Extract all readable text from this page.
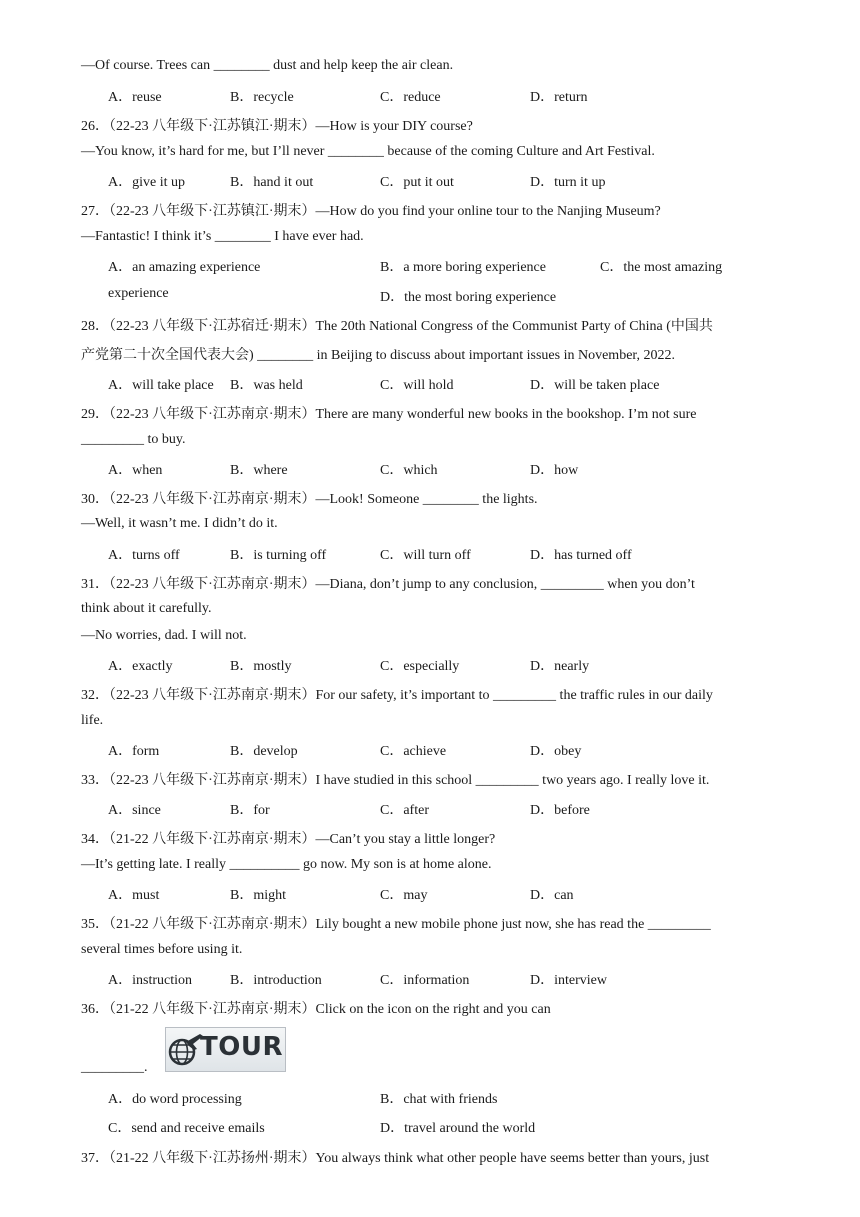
—Of course. Trees can ________ dust and help keep the air clean.
A．reuse	B．recycle	C．reduce	D．return
26．（22-23 八年级下·江苏镇江·期末）—How is your DIY course?
—You know, it’s hard for me, but I’ll never ________ because of the coming Culture and Art Festival.
A．give it up	B．hand it out	C．put it out	D．turn it up
27．（22-23 八年级下·江苏镇江·期末）—How do you find your online tour to the Nanjing Museum?
—Fantastic! I think it’s ________ I have ever had.
A．an amazing experience	B．a more boring experience	C．the most amazing
experience	D．the most boring experience
28．（22-23 八年级下·江苏宿迁·期末）The 20th National Congress of the Communist Party of China (中国共
产党第二十次全国代表大会) ________ in Beijing to discuss about important issues in November, 2022.
A．will take place B．was held	C．will hold	D．will be taken place
29．（22-23 八年级下·江苏南京·期末）There are many wonderful new books in the bookshop. I’m not sure
_________ to buy.
A．when	B．where	C．which	D．how
30．（22-23 八年级下·江苏南京·期末）—Look! Someone ________ the lights.
—Well, it wasn’t me. I didn’t do it.
A．turns off	B．is turning off	C．will turn off	D．has turned off
31．（22-23 八年级下·江苏南京·期末）—Diana, don’t jump to any conclusion, _________ when you don’t
think about it carefully.
—No worries, dad. I will not.
A．exactly	B．mostly	C．especially	D．nearly
32．（22-23 八年级下·江苏南京·期末）For our safety, it’s important to _________ the traffic rules in our daily
life.
A．form	B．develop	C．achieve	D．obey
33．（22-23 八年级下·江苏南京·期末）I have studied in this school _________ two years ago. I really love it.
A．since	B．for	C．after	D．before
34．（21-22 八年级下·江苏南京·期末）—Can’t you stay a little longer?
—It’s getting late. I really __________ go now. My son is at home alone.
A．must	B．might	C．may	D．can
35．（21-22 八年级下·江苏南京·期末）Lily bought a new mobile phone just now, she has read the _________
several times before using it.
A．instruction	B．introduction	C．information	D．interview
36．（21-22 八年级下·江苏南京·期末）Click on the icon on the right and you can
_________.
TOUR
A．do word processing	B．chat with friends
C．send and receive emails	D．travel around the world
37．（21-22 八年级下·江苏扬州·期末）You always think what other people have seems better than yours, just
